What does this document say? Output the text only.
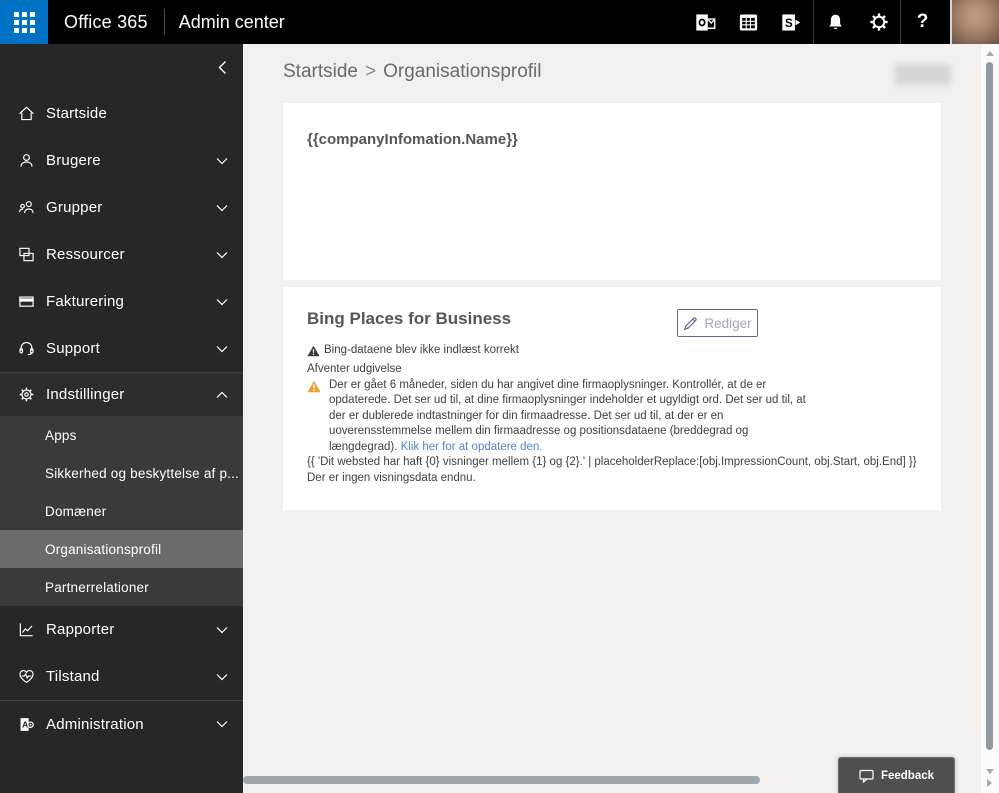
Office 365 Admin center	S	?
Startside
Brugere
Grupper
Ressourcer
Fakturering
Support
Indstillinger
Apps
Sikkerhed og beskyttelse af p...
Domæner
Organisationsprofil
Partnerrelationer
Rapporter
Tilstand
A Administration
Startside > Organisationsprofil
{{companyInfomation.Name}}
Bing Places for Business	Rediger
Bing-dataene blev ikke indlæst korrekt
Afventer udgivelse

Der er gået 6 måneder, siden du har angivet dine firmaoplysninger. Kontrollér, at de er opdaterede. Det ser ud til, at dine firmaoplysninger indeholder et ugyldigt ord. Det ser ud til, at der er dublerede indtastninger for din firmaadresse. Det ser ud til, at der er en uoverensstemmelse mellem din firmaadresse og positionsdataene (breddegrad og længdegrad). Klik her for at opdatere den.

{{ 'Dit websted har haft {0} visninger mellem {1} og {2}.' | placeholderReplace:[obj.ImpressionCount, obj.Start, obj.End] }}
Der er ingen visningsdata endnu.
Feedback
